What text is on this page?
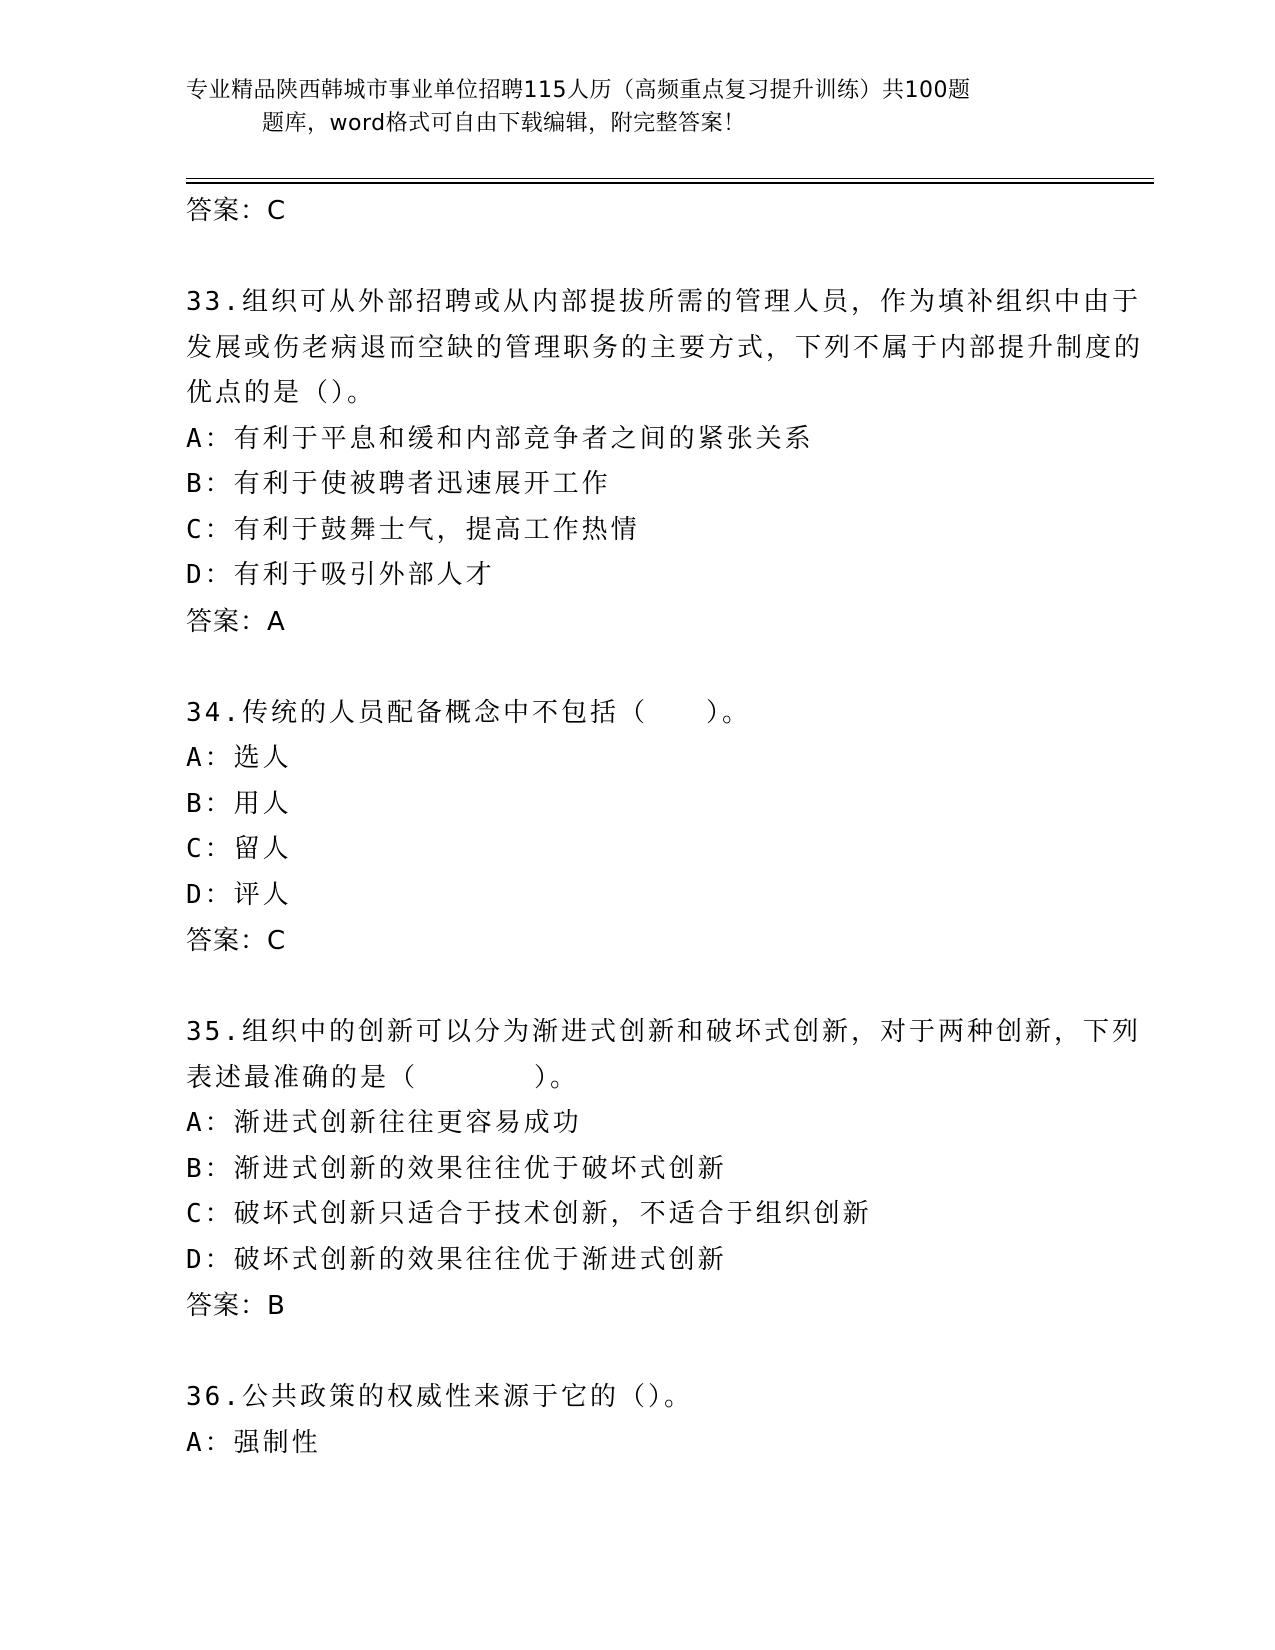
专业精品陕西韩城市事业单位招聘115人历（高频重点复习提升训练）共100题
题库，word格式可自由下载编辑，附完整答案！
答案：C
33.组织可从外部招聘或从内部提拔所需的管理人员，作为填补组织中由于发展或伤老病退而空缺的管理职务的主要方式，下列不属于内部提升制度的优点的是（）。
A：有利于平息和缓和内部竞争者之间的紧张关系
B：有利于使被聘者迅速展开工作
C：有利于鼓舞士气，提高工作热情
D：有利于吸引外部人才
答案：A
34.传统的人员配备概念中不包括（　　）。
A：选人
B：用人
C：留人
D：评人
答案：C
35.组织中的创新可以分为渐进式创新和破坏式创新，对于两种创新，下列表述最准确的是（　　　　）。
A：渐进式创新往往更容易成功
B：渐进式创新的效果往往优于破坏式创新
C：破坏式创新只适合于技术创新，不适合于组织创新
D：破坏式创新的效果往往优于渐进式创新
答案：B
36.公共政策的权威性来源于它的（）。
A：强制性
